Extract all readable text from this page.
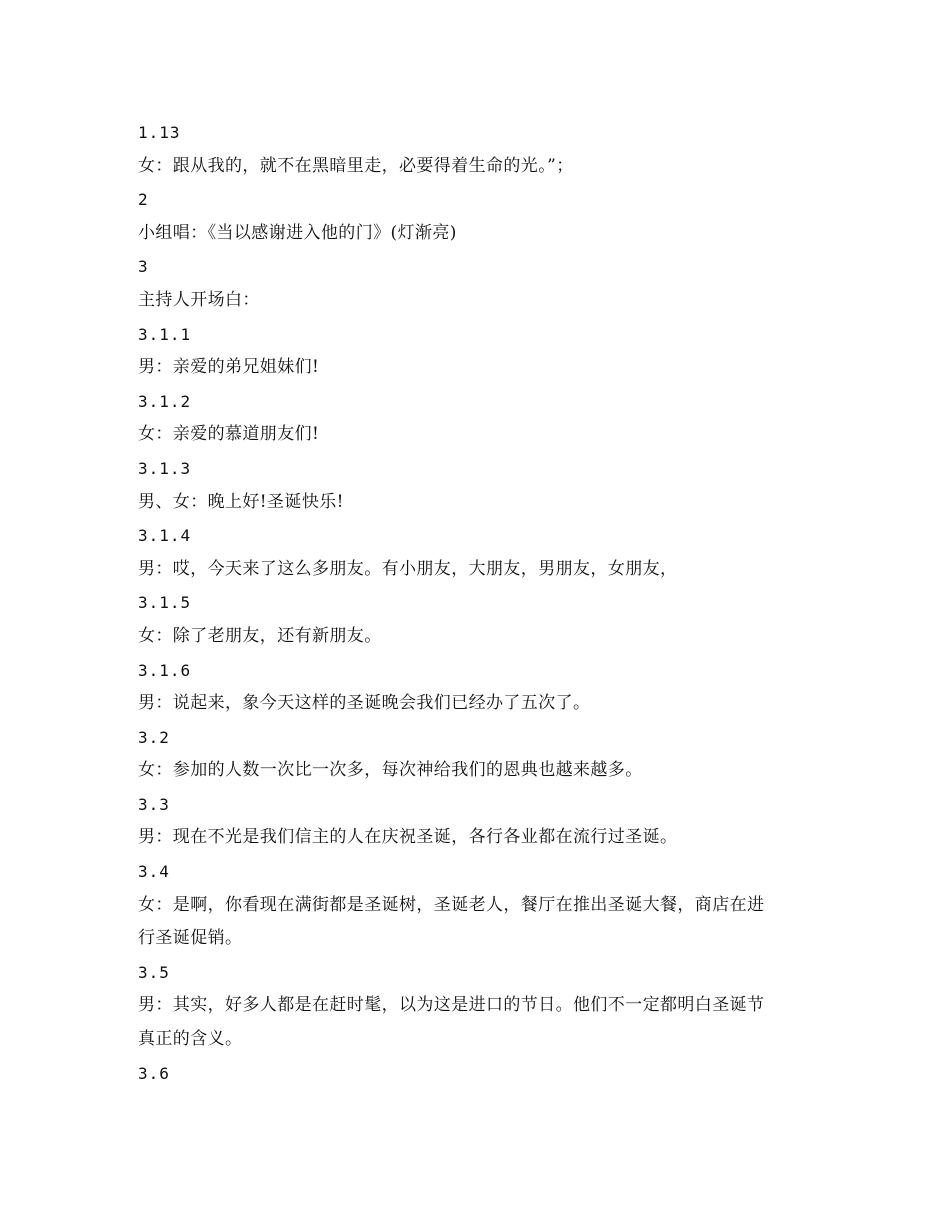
1.13
女：跟从我的，就不在黑暗里走，必要得着生命的光。”；
2
小组唱：《当以感谢进入他的门》(灯渐亮)
3
主持人开场白：
3.1.1
男：亲爱的弟兄姐妹们!
3.1.2
女：亲爱的慕道朋友们!
3.1.3
男、女：晚上好!圣诞快乐!
3.1.4
男：哎，今天来了这么多朋友。有小朋友，大朋友，男朋友，女朋友，
3.1.5
女：除了老朋友，还有新朋友。
3.1.6
男：说起来，象今天这样的圣诞晚会我们已经办了五次了。
3.2
女：参加的人数一次比一次多，每次神给我们的恩典也越来越多。
3.3
男：现在不光是我们信主的人在庆祝圣诞，各行各业都在流行过圣诞。
3.4
女：是啊，你看现在满街都是圣诞树，圣诞老人，餐厅在推出圣诞大餐，商店在进
行圣诞促销。
3.5
男：其实，好多人都是在赶时髦，以为这是进口的节日。他们不一定都明白圣诞节
真正的含义。
3.6
